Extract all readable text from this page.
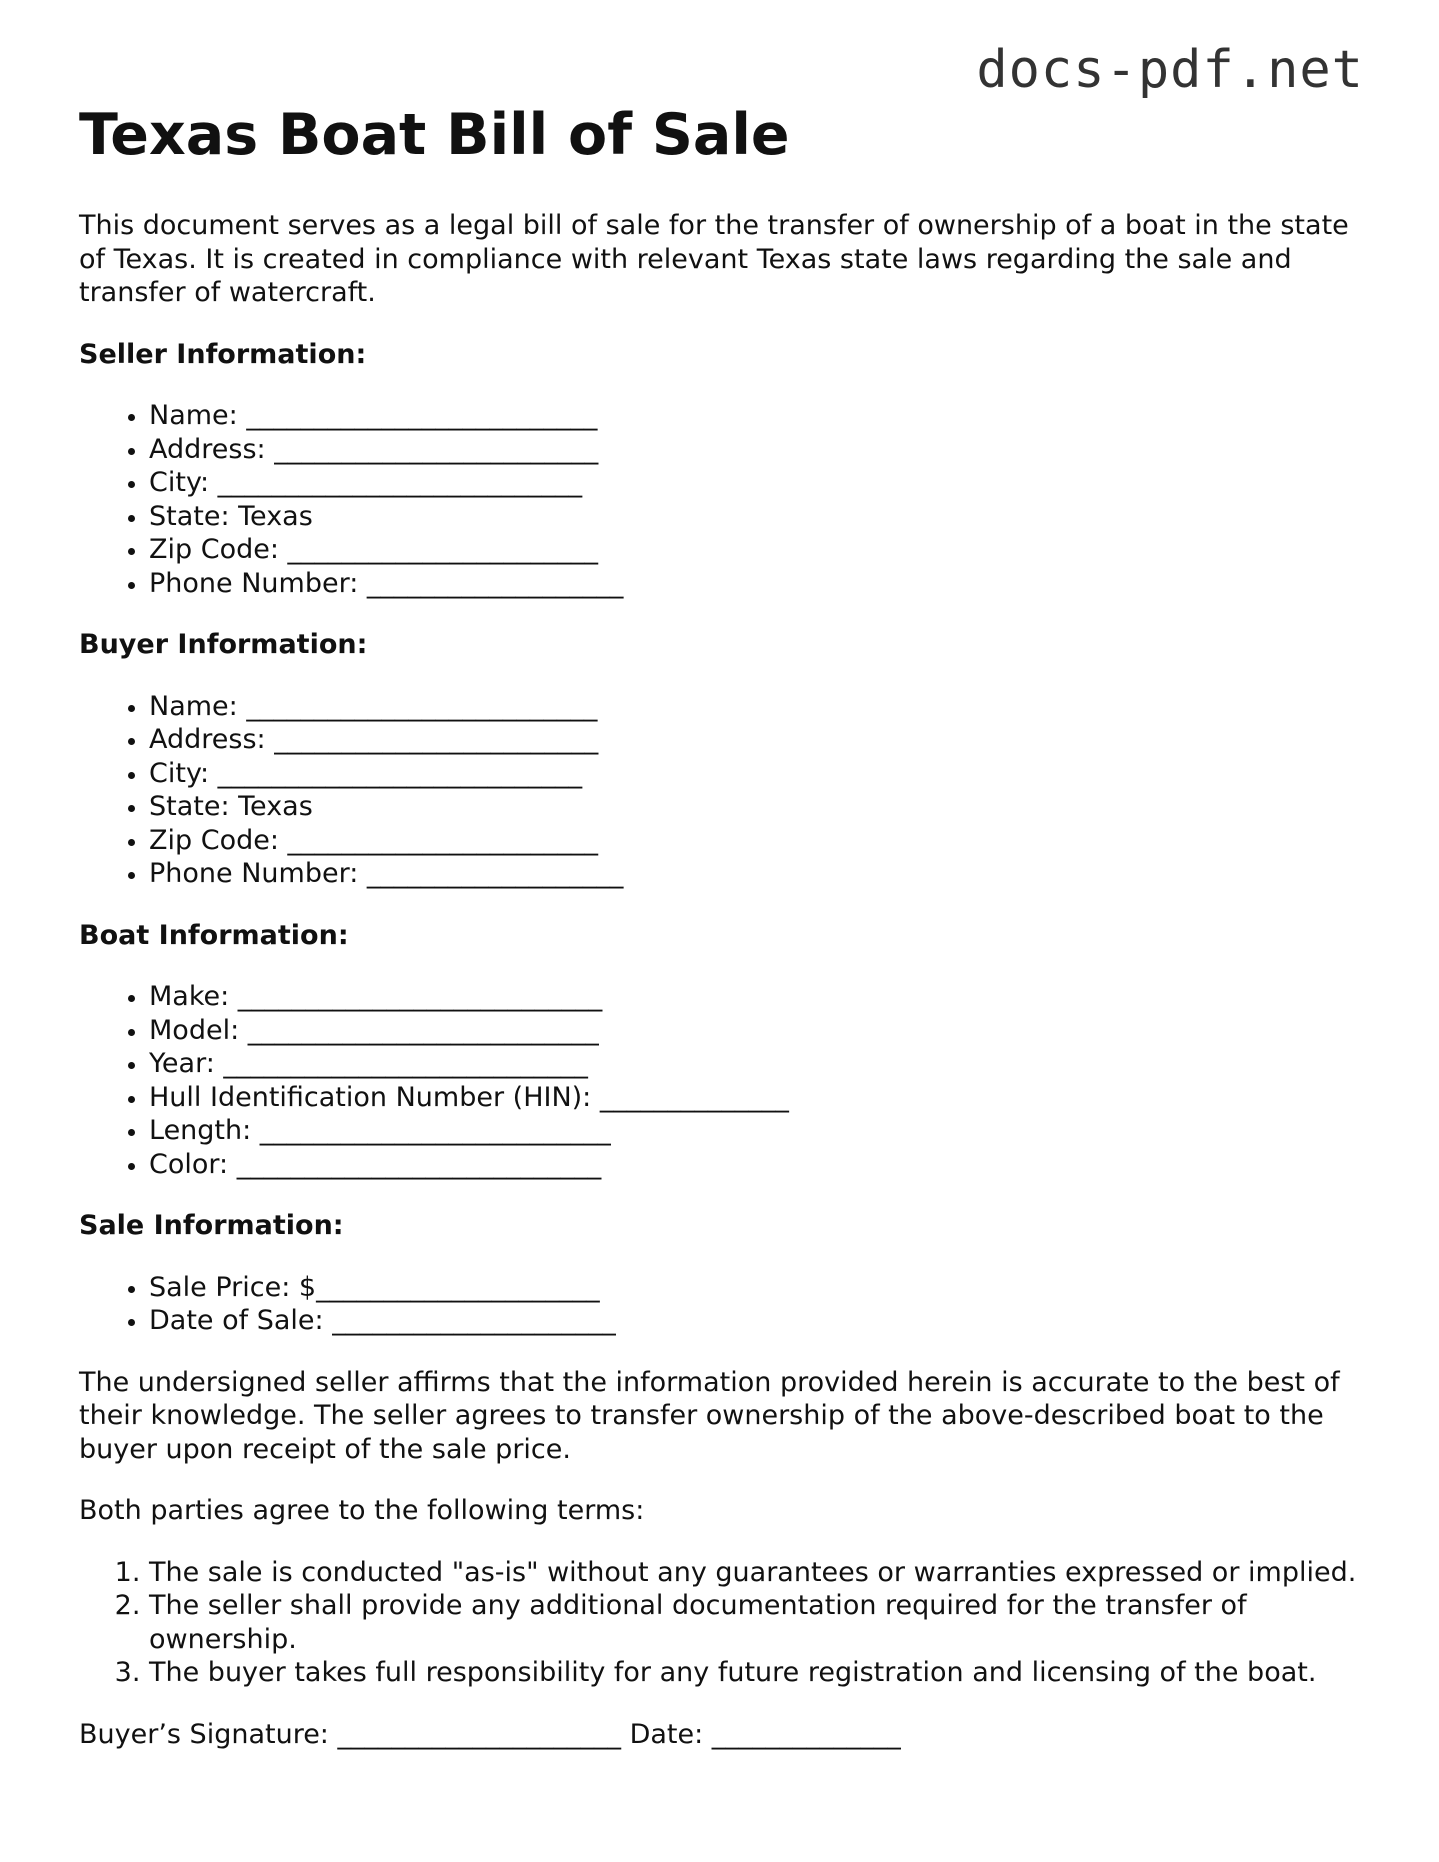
docs-pdf.net
Texas Boat Bill of Sale

This document serves as a legal bill of sale for the transfer of ownership of a boat in the state of Texas. It is created in compliance with relevant Texas state laws regarding the sale and transfer of watercraft.

Seller Information:
• Name: __________________________
• Address: ________________________
• City: ___________________________
• State: Texas
• Zip Code: _______________________
• Phone Number: ___________________
Buyer Information:
• Name: __________________________
• Address: ________________________
• City: ___________________________
• State: Texas
• Zip Code: _______________________
• Phone Number: ___________________
Boat Information:
• Make: ___________________________
• Model: __________________________
• Year: ___________________________
• Hull Identification Number (HIN): ______________
• Length: __________________________
• Color: ___________________________
Sale Information:
• Sale Price: $_____________________
• Date of Sale: _____________________

The undersigned seller affirms that the information provided herein is accurate to the best of their knowledge. The seller agrees to transfer ownership of the above-described boat to the buyer upon receipt of the sale price.

Both parties agree to the following terms:

1. The sale is conducted "as-is" without any guarantees or warranties expressed or implied.
2. The seller shall provide any additional documentation required for the transfer of ownership.
3. The buyer takes full responsibility for any future registration and licensing of the boat.
Buyer’s Signature: _____________________ Date: ______________
